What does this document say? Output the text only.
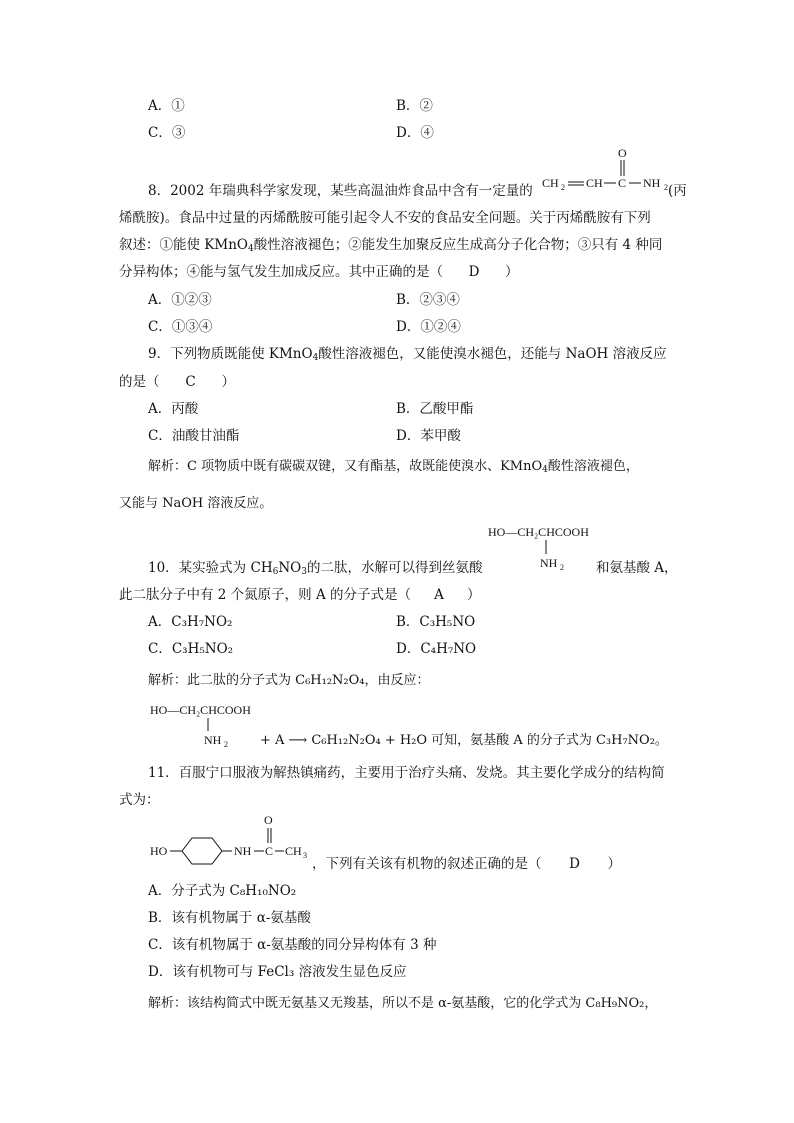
A．①	B．②
C．③	D．④
8．2002 年瑞典科学家发现，某些高温油炸食品中含有一定量的 CH 2 CH C
O
NH 2 (丙
烯酰胺)。食品中过量的丙烯酰胺可能引起令人不安的食品安全问题。关于丙烯酰胺有下列
叙述：①能使 KMnO$_4$酸性溶液褪色；②能发生加聚反应生成高分子化合物；③只有 4 种同
分异构体；④能与氢气发生加成反应。其中正确的是（ D ）
A．①②③	B．②③④
C．①③④	D．①②④
9．下列物质既能使 KMnO$_4$酸性溶液褪色，又能使溴水褪色，还能与 NaOH 溶液反应
的是（ C ）
A．丙酸	B．乙酸甲酯
C．油酸甘油酯	D．苯甲酸
解析：C 项物质中既有碳碳双键，又有酯基，故既能使溴水、KMnO$_4$酸性溶液褪色，
又能与 NaOH 溶液反应。
HO—CH₂CHCOOH
NH 2
10．某实验式为 $CH_6NO_3$的二肽，水解可以得到丝氨酸	和氨基酸 A，
此二肽分子中有 2 个氮原子，则 A 的分子式是（ A ）
A．C₃H₇NO₂	B．C₃H₅NO
C．C₃H₅NO₂	D．C₄H₇NO
解析：此二肽的分子式为 C₆H₁₂N₂O₄，由反应：
HO—CH₂CHCOOH
NH 2 + A ⟶ C₆H₁₂N₂O₄ + H₂O 可知，氨基酸 A 的分子式为 C₃H₇NO₂。
11．百服宁口服液为解热镇痛药，主要用于治疗头痛、发烧。其主要化学成分的结构简
式为：
HO	NH C
O
CH 3
，下列有关该有机物的叙述正确的是（ D ）
A．分子式为 C₈H₁₀NO₂
B．该有机物属于 α-氨基酸
C．该有机物属于 α-氨基酸的同分异构体有 3 种
D．该有机物可与 FeCl₃ 溶液发生显色反应
解析：该结构简式中既无氨基又无羧基，所以不是 α-氨基酸，它的化学式为 C₈H₉NO₂，
